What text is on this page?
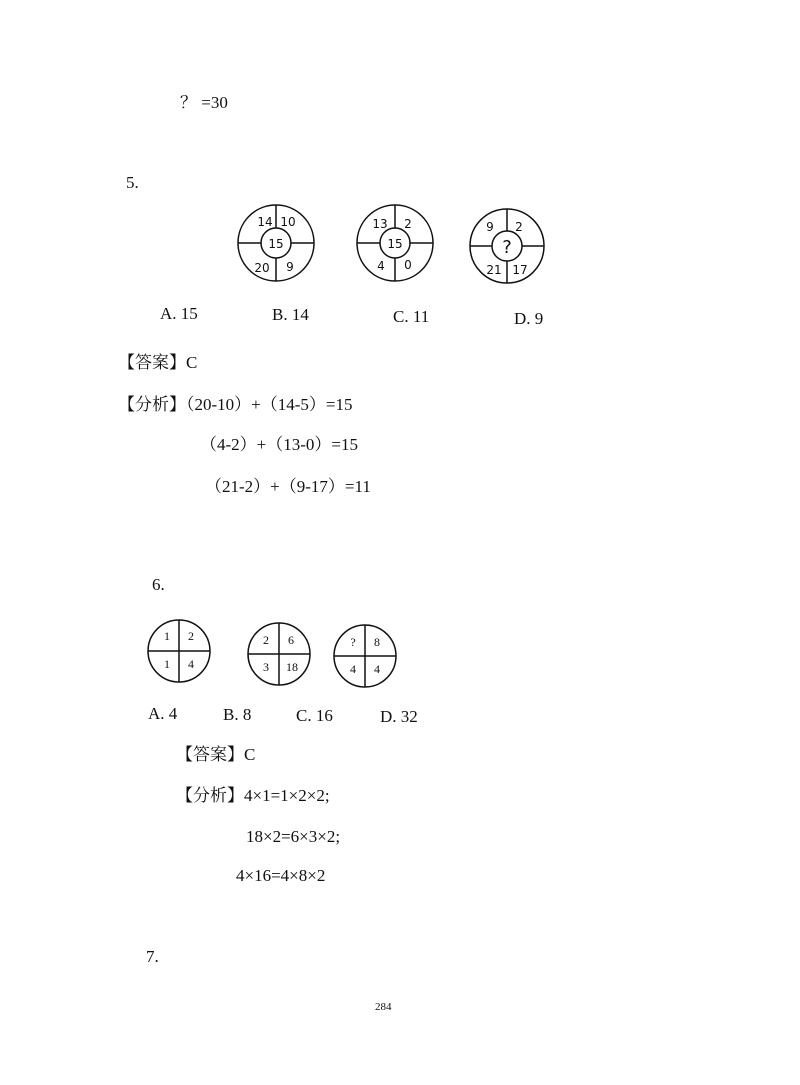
？ =30
5.
14 10
20 9
15
13 2
4 0
15
9 2
21 17
?
A. 15	B. 14	C. 11	D. 9
【答案】C
【分析】（20-10）+（14-5）=15
（4-2）+（13-0）=15
（21-2）+（9-17）=11
6.
1 2
1 4
2 6
3 18
? 8
4 4
A. 4	B. 8	C. 16	D. 32
【答案】C
【分析】4×1=1×2×2;
18×2=6×3×2;
4×16=4×8×2
7.
284
